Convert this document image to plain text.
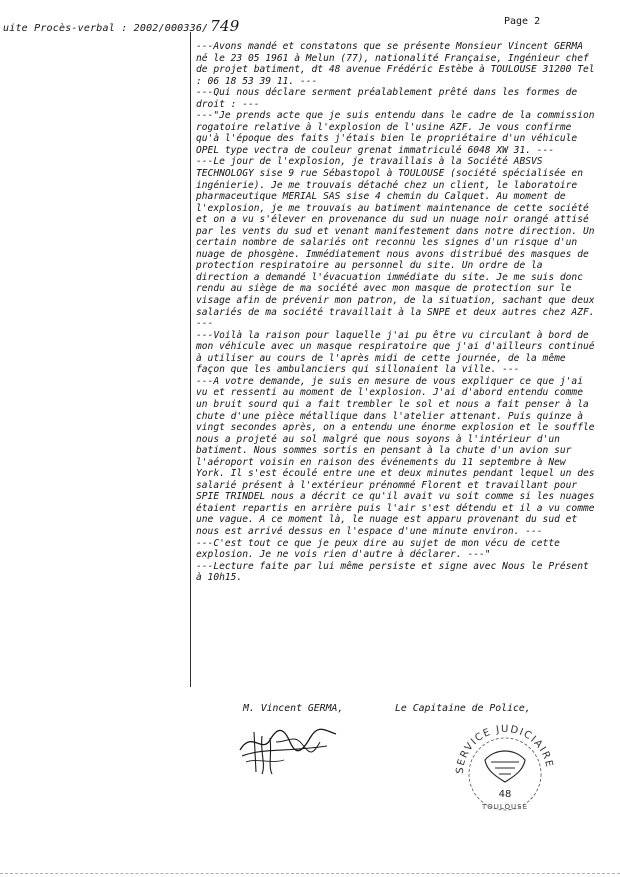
uite Procès-verbal : 2002/000336/ 749	Page 2

---Avons mandé et constatons que se présente Monsieur Vincent GERMA né le 23 05 1961 à Melun (77), nationalité Française, Ingénieur chef de projet batiment, dt 48 avenue Frédéric Estèbe à TOULOUSE 31200 Tel : 06 18 53 39 11. ---

---Qui nous déclare serment préalablement prêté dans les formes de droit : ---

---"Je prends acte que je suis entendu dans le cadre de la commission rogatoire relative à l'explosion de l'usine AZF. Je vous confirme qu'à l'époque des faits j'étais bien le propriétaire d'un véhicule OPEL type vectra de couleur grenat immatriculé 6048 XW 31. ---

---Le jour de l'explosion, je travaillais à la Société ABSVS TECHNOLOGY sise 9 rue Sébastopol à TOULOUSE (société spécialisée en ingénierie). Je me trouvais détaché chez un client, le laboratoire pharmaceutique MERIAL SAS sise 4 chemin du Calquet. Au moment de l'explosion, je me trouvais au batiment maintenance de cette société et on a vu s'élever en provenance du sud un nuage noir orangé attisé par les vents du sud et venant manifestement dans notre direction. Un certain nombre de salariés ont reconnu les signes d'un risque d'un nuage de phosgène. Immédiatement nous avons distribué des masques de protection respiratoire au personnel du site. Un ordre de la direction a demandé l'évacuation immédiate du site. Je me suis donc rendu au siège de ma société avec mon masque de protection sur le visage afin de prévenir mon patron, de la situation, sachant que deux salariés de ma société travaillait à la SNPE et deux autres chez AZF. ---

---Voilà la raison pour laquelle j'ai pu être vu circulant à bord de mon véhicule avec un masque respiratoire que j'ai d'ailleurs continué à utiliser au cours de l'après midi de cette journée, de la même façon que les ambulanciers qui sillonaient la ville. ---

---A votre demande, je suis en mesure de vous expliquer ce que j'ai vu et ressenti au moment de l'explosion. J'ai d'abord entendu comme un bruit sourd qui a fait trembler le sol et nous a fait penser à la chute d'une pièce métallique dans l'atelier attenant. Puis quinze à vingt secondes après, on a entendu une énorme explosion et le souffle nous a projeté au sol malgré que nous soyons à l'intérieur d'un batiment. Nous sommes sortis en pensant à la chute d'un avion sur l'aéroport voisin en raison des événements du 11 septembre à New York. Il s'est écoulé entre une et deux minutes pendant lequel un des salarié présent à l'extérieur prénommé Florent et travaillant pour SPIE TRINDEL nous a décrit ce qu'il avait vu soit comme si les nuages étaient repartis en arrière puis l'air s'est détendu et il a vu comme une vague. A ce moment là, le nuage est apparu provenant du sud et nous est arrivé dessus en l'espace d'une minute environ. ---

---C'est tout ce que je peux dire au sujet de mon vécu de cette explosion. Je ne vois rien d'autre à déclarer. ---"

---Lecture faite par lui même persiste et signe avec Nous le Présent à 10h15.

M. Vincent GERMA,	Le Capitaine de Police,
SERVICE JUDICIAIRE
48
TOULOUSE
